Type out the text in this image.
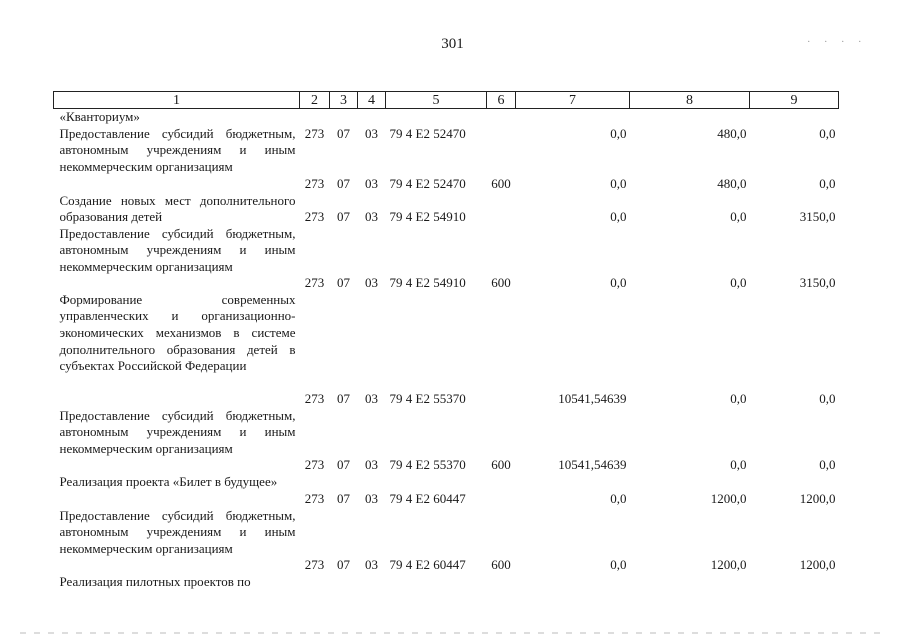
301	. . . .
1	2	3	4	5	6	7	8	9
«Кванториум»								
Предоставление субсидий бюджетным, автономным учреждениям и иным некоммерческим организациям	273	07	03	79 4 E2 52470		0,0	480,0	0,0
	273	07	03	79 4 E2 52470	600	0,0	480,0	0,0
Создание новых мест дополнительного образования детей	273	07	03	79 4 E2 54910		0,0	0,0	3150,0
Предоставление субсидий бюджетным, автономным учреждениям и иным некоммерческим организациям	273	07	03	79 4 E2 54910	600	0,0	0,0	3150,0
Формирование современных управленческих и организационно-экономических механизмов в системе дополнительного образования детей в субъектах Российской Федерации	273	07	03	79 4 E2 55370		10541,54639	0,0	0,0
Предоставление субсидий бюджетным, автономным учреждениям и иным некоммерческим организациям	273	07	03	79 4 E2 55370	600	10541,54639	0,0	0,0
Реализация проекта «Билет в будущее»	273	07	03	79 4 E2 60447		0,0	1200,0	1200,0
Предоставление субсидий бюджетным, автономным учреждениям и иным некоммерческим организациям	273	07	03	79 4 E2 60447	600	0,0	1200,0	1200,0
Реализация пилотных проектов по								
